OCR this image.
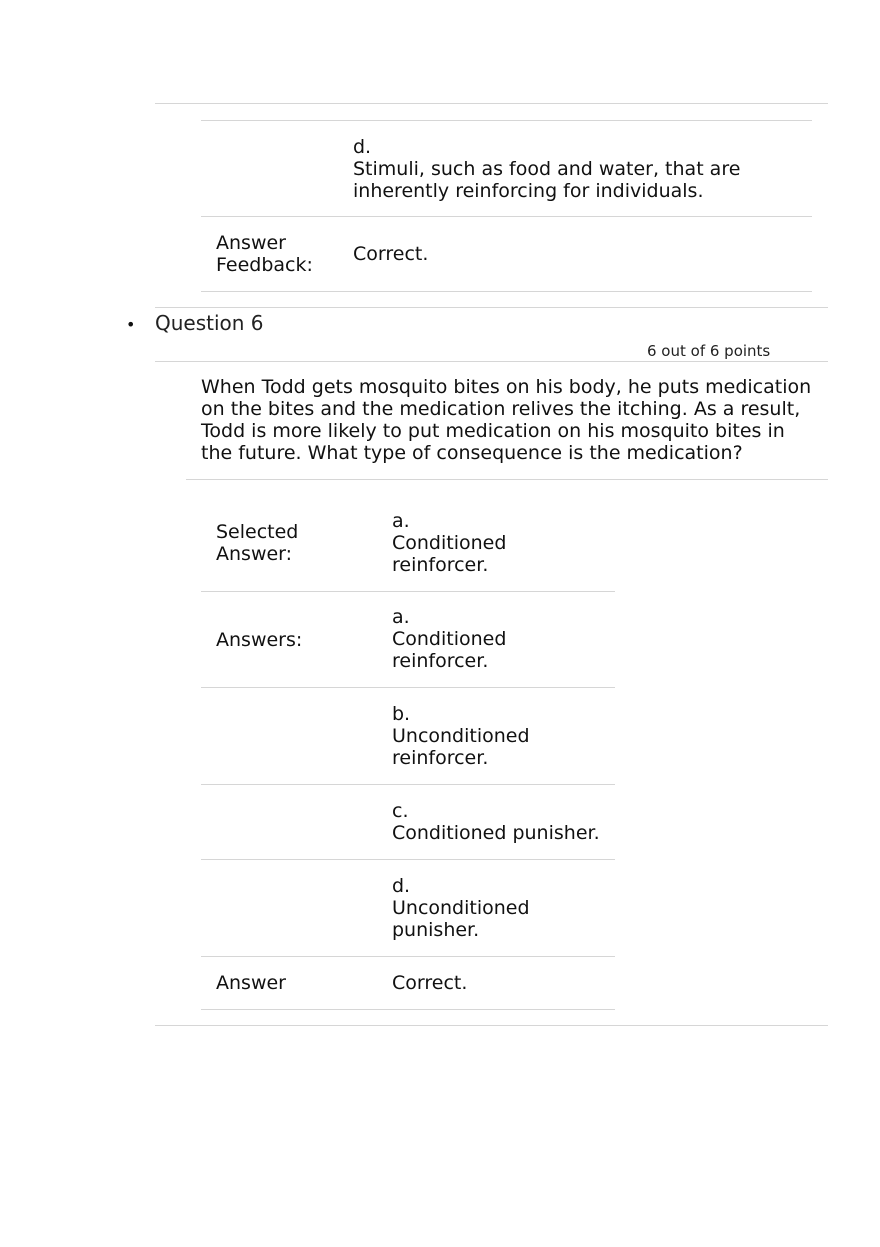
d.
Stimuli, such as food and water, that are
inherently reinforcing for individuals.
Answer
Feedback: Correct.
• Question 6
6 out of 6 points
When Todd gets mosquito bites on his body, he puts medication
on the bites and the medication relives the itching. As a result,
Todd is more likely to put medication on his mosquito bites in
the future. What type of consequence is the medication?
Selected
Answer:
a.
Conditioned
reinforcer.
Answers:
a.
Conditioned
reinforcer.
b.
Unconditioned
reinforcer.
c.
Conditioned punisher.
d.
Unconditioned
punisher.
Answer	Correct.
